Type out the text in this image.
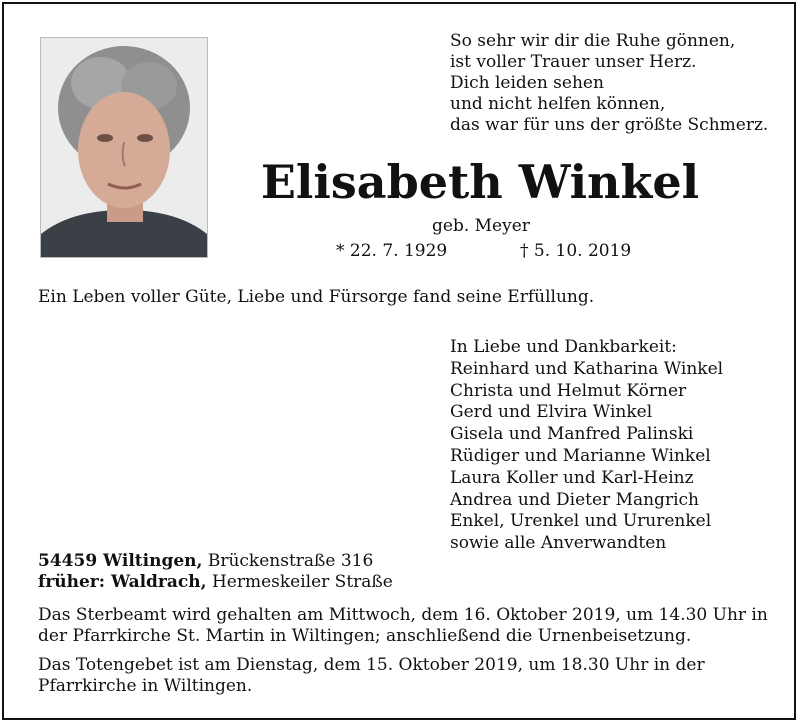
So sehr wir dir die Ruhe gönnen,
ist voller Trauer unser Herz.
Dich leiden sehen
und nicht helfen können,
das war für uns der größte Schmerz.
Elisabeth Winkel
geb. Meyer
* 22. 7. 1929	† 5. 10. 2019
Ein Leben voller Güte, Liebe und Fürsorge fand seine Erfüllung.
In Liebe und Dankbarkeit:
Reinhard und Katharina Winkel
Christa und Helmut Körner
Gerd und Elvira Winkel
Gisela und Manfred Palinski
Rüdiger und Marianne Winkel
Laura Koller und Karl-Heinz
Andrea und Dieter Mangrich
Enkel, Urenkel und Ururenkel
sowie alle Anverwandten
54459 Wiltingen, Brückenstraße 316
früher: Waldrach, Hermeskeiler Straße
Das Sterbeamt wird gehalten am Mittwoch, dem 16. Oktober 2019, um 14.30 Uhr in der Pfarrkirche St. Martin in Wiltingen; anschließend die Urnenbeisetzung.
Das Totengebet ist am Dienstag, dem 15. Oktober 2019, um 18.30 Uhr in der Pfarrkirche in Wiltingen.
